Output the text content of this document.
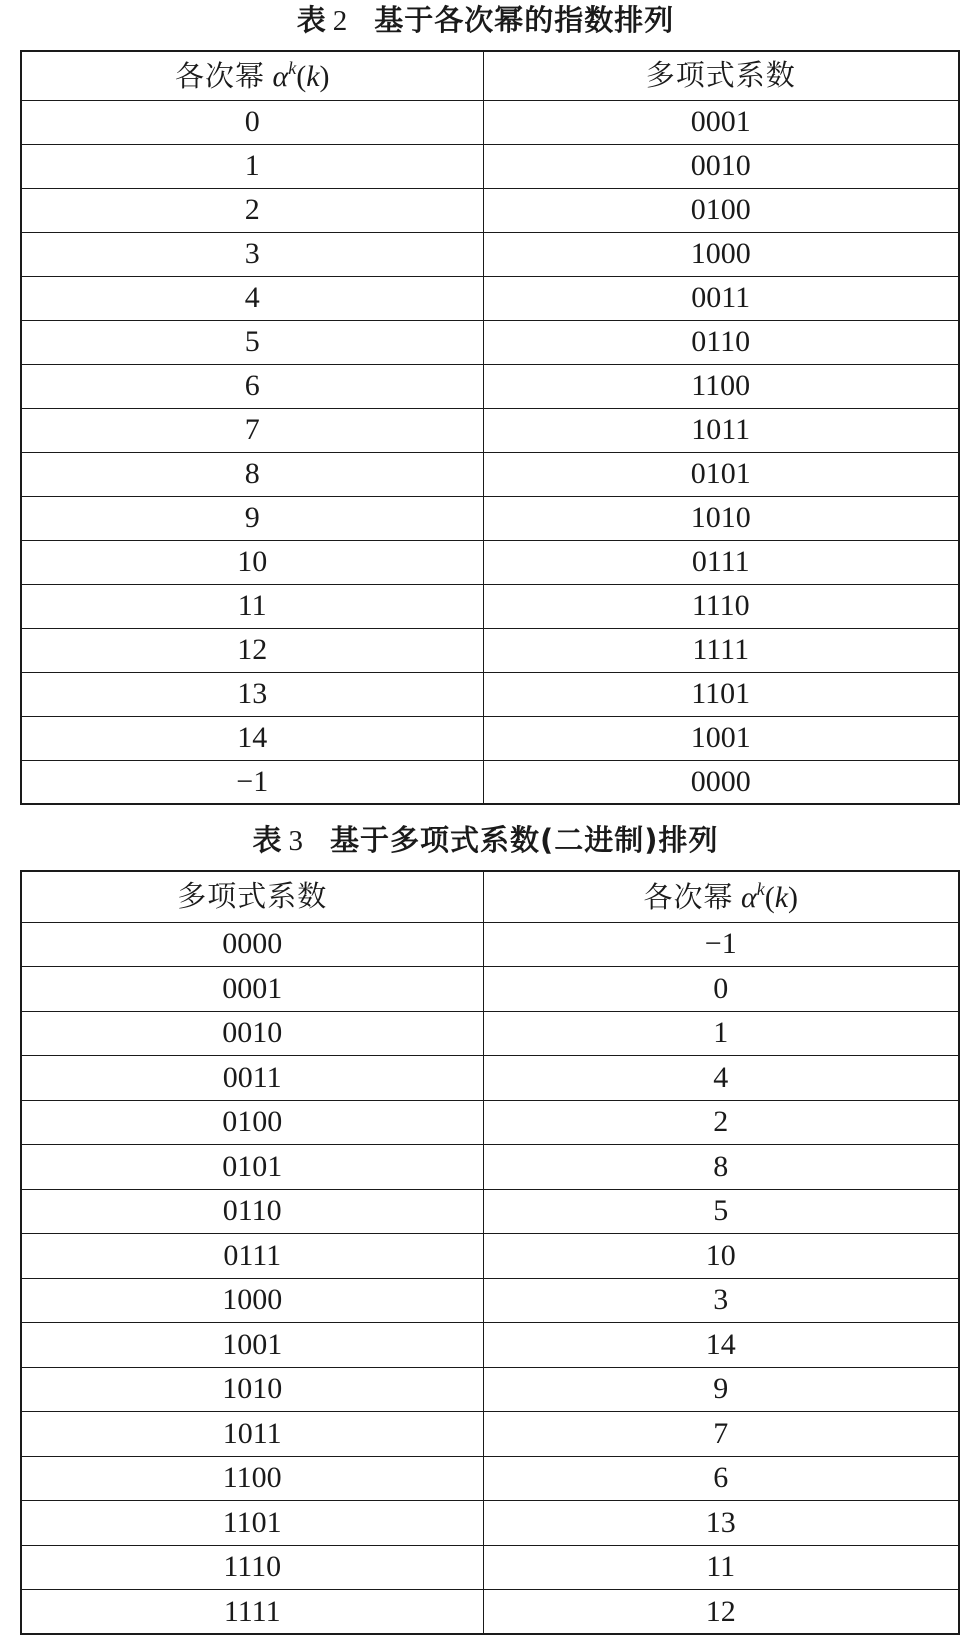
表 2 基于各次幂的指数排列
各次幂 $\alpha^k(k)$	多项式系数
0	0001
1	0010
2	0100
3	1000
4	0011
5	0110
6	1100
7	1011
8	0101
9	1010
10	0111
11	1110
12	1111
13	1101
14	1001
−1	0000
表 3 基于多项式系数(二进制)排列
多项式系数	各次幂 $\alpha^k(k)$
0000	−1
0001	0
0010	1
0011	4
0100	2
0101	8
0110	5
0111	10
1000	3
1001	14
1010	9
1011	7
1100	6
1101	13
1110	11
1111	12
